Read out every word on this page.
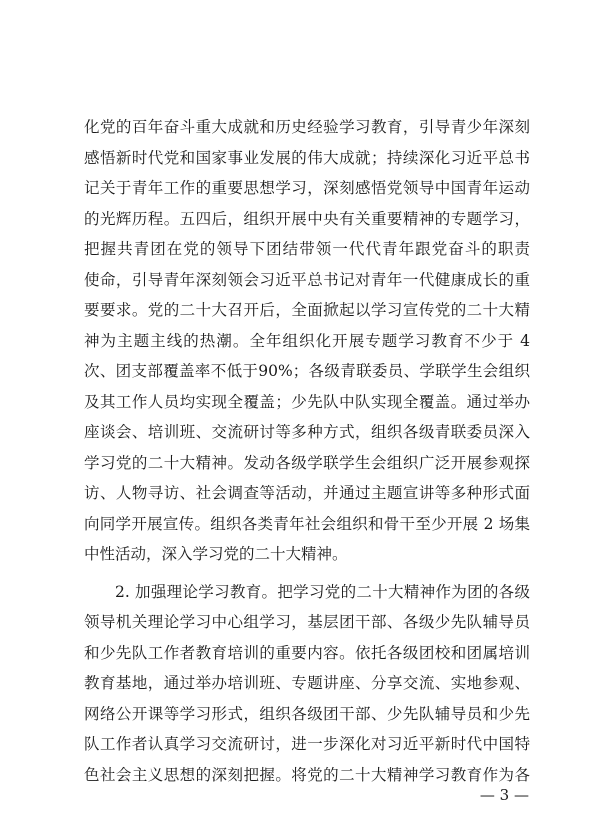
化党的百年奋斗重大成就和历史经验学习教育，引导青少年深刻
感悟新时代党和国家事业发展的伟大成就；持续深化习近平总书
记关于青年工作的重要思想学习，深刻感悟党领导中国青年运动
的光辉历程。五四后，组织开展中央有关重要精神的专题学习，
把握共青团在党的领导下团结带领一代代青年跟党奋斗的职责
使命，引导青年深刻领会习近平总书记对青年一代健康成长的重
要要求。党的二十大召开后，全面掀起以学习宣传党的二十大精
神为主题主线的热潮。全年组织化开展专题学习教育不少于 4
次、团支部覆盖率不低于90%；各级青联委员、学联学生会组织
及其工作人员均实现全覆盖；少先队中队实现全覆盖。通过举办
座谈会、培训班、交流研讨等多种方式，组织各级青联委员深入
学习党的二十大精神。发动各级学联学生会组织广泛开展参观探
访、人物寻访、社会调查等活动，并通过主题宣讲等多种形式面
向同学开展宣传。组织各类青年社会组织和骨干至少开展 2 场集
中性活动，深入学习党的二十大精神。
2. 加强理论学习教育。把学习党的二十大精神作为团的各级
领导机关理论学习中心组学习，基层团干部、各级少先队辅导员
和少先队工作者教育培训的重要内容。依托各级团校和团属培训
教育基地，通过举办培训班、专题讲座、分享交流、实地参观、
网络公开课等学习形式，组织各级团干部、少先队辅导员和少先
队工作者认真学习交流研讨，进一步深化对习近平新时代中国特
色社会主义思想的深刻把握。将党的二十大精神学习教育作为各
— 3 —
